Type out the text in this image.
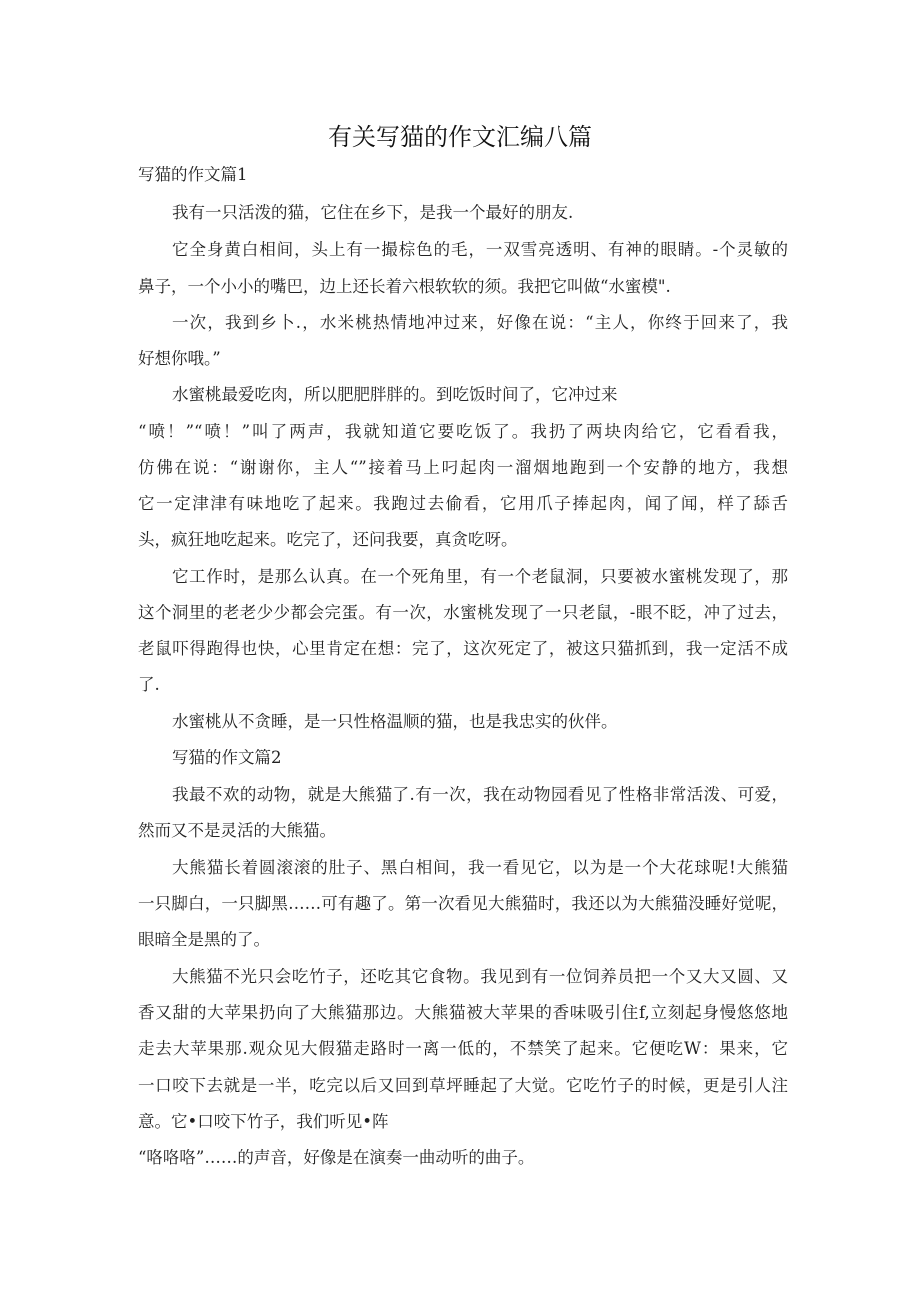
有关写猫的作文汇编八篇
写猫的作文篇1
我有一只活泼的猫，它住在乡下，是我一个最好的朋友.
它全身黄白相间，头上有一撮棕色的毛，一双雪亮透明、有神的眼睛。-个灵敏的
鼻子，一个小小的嘴巴，边上还长着六根软软的须。我把它叫做“水蜜模".
一次，我到乡卜.，水米桃热情地冲过来，好像在说：“主人，你终于回来了，我
好想你哦。”
水蜜桃最爱吃肉，所以肥肥胖胖的。到吃饭时间了，它冲过来
“喷！”“喷！”叫了两声，我就知道它要吃饭了。我扔了两块肉给它，它看看我，
仿佛在说：“谢谢你，主人“”接着马上叼起肉一溜烟地跑到一个安静的地方，我想
它一定津津有味地吃了起来。我跑过去偷看，它用爪子捧起肉，闻了闻，样了舔舌
头，疯狂地吃起来。吃完了，还问我要，真贪吃呀。
它工作时，是那么认真。在一个死角里，有一个老鼠洞，只要被水蜜桃发现了，那
这个洞里的老老少少都会完蛋。有一次，水蜜桃发现了一只老鼠，-眼不眨，冲了过去，
老鼠吓得跑得也快，心里肯定在想：完了，这次死定了，被这只猫抓到，我一定活不成
了.
水蜜桃从不贪睡，是一只性格温顺的猫，也是我忠实的伙伴。
写猫的作文篇2
我最不欢的动物，就是大熊猫了.有一次，我在动物园看见了性格非常活泼、可爱，
然而又不是灵活的大熊猫。
大熊猫长着圆滚滚的肚子、黑白相间，我一看见它，以为是一个大花球呢!大熊猫
一只脚白，一只脚黑……可有趣了。第一次看见大熊猫时，我还以为大熊猫没睡好觉呢，
眼暗全是黑的了。
大熊猫不光只会吃竹子，还吃其它食物。我见到有一位饲养员把一个又大又圆、又
香又甜的大苹果扔向了大熊猫那边。大熊猫被大苹果的香味吸引住f,立刻起身慢悠悠地
走去大苹果那.观众见大假猫走路时一离一低的，不禁笑了起来。它便吃W：果来，它
一口咬下去就是一半，吃完以后又回到草坪睡起了大觉。它吃竹子的时候，更是引人注
意。它•口咬下竹子，我们听见•阵
“咯咯咯”……的声音，好像是在演奏一曲动听的曲子。
